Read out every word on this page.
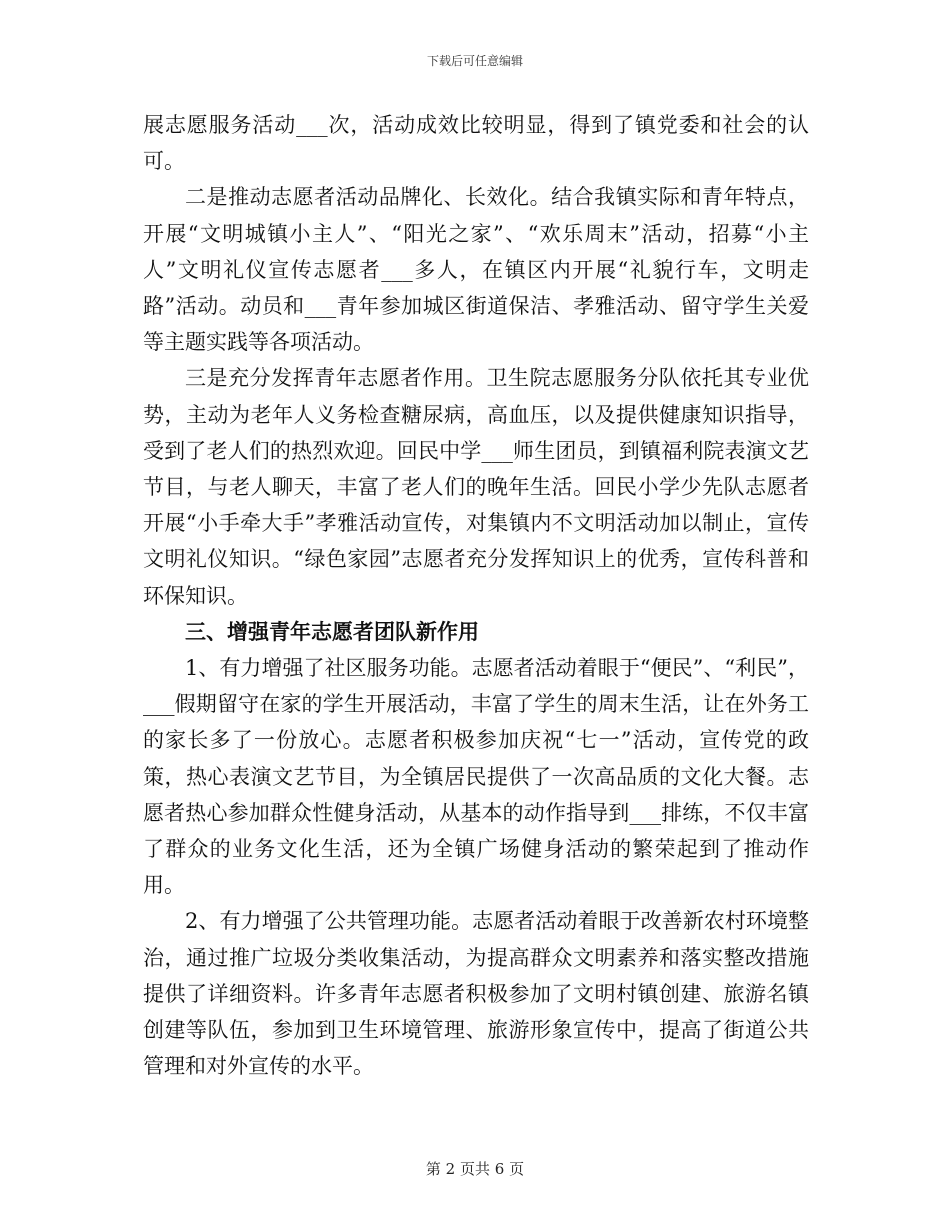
下载后可任意编辑

展志愿服务活动___次，活动成效比较明显，得到了镇党委和社会的认可。

二是推动志愿者活动品牌化、长效化。结合我镇实际和青年特点，开展“文明城镇小主人”、“阳光之家”、“欢乐周末”活动，招募“小主人”文明礼仪宣传志愿者___多人，在镇区内开展“礼貌行车，文明走路”活动。动员和___青年参加城区街道保洁、孝雅活动、留守学生关爱等主题实践等各项活动。

三是充分发挥青年志愿者作用。卫生院志愿服务分队依托其专业优势，主动为老年人义务检查糖尿病，高血压，以及提供健康知识指导，受到了老人们的热烈欢迎。回民中学___师生团员，到镇福利院表演文艺节目，与老人聊天，丰富了老人们的晚年生活。回民小学少先队志愿者开展“小手牵大手”孝雅活动宣传，对集镇内不文明活动加以制止，宣传文明礼仪知识。“绿色家园”志愿者充分发挥知识上的优秀，宣传科普和环保知识。

三、增强青年志愿者团队新作用

1、有力增强了社区服务功能。志愿者活动着眼于“便民”、“利民”，___假期留守在家的学生开展活动，丰富了学生的周末生活，让在外务工的家长多了一份放心。志愿者积极参加庆祝“七一”活动，宣传党的政策，热心表演文艺节目，为全镇居民提供了一次高品质的文化大餐。志愿者热心参加群众性健身活动，从基本的动作指导到___排练，不仅丰富了群众的业务文化生活，还为全镇广场健身活动的繁荣起到了推动作用。

2、有力增强了公共管理功能。志愿者活动着眼于改善新农村环境整治，通过推广垃圾分类收集活动，为提高群众文明素养和落实整改措施提供了详细资料。许多青年志愿者积极参加了文明村镇创建、旅游名镇创建等队伍，参加到卫生环境管理、旅游形象宣传中，提高了街道公共管理和对外宣传的水平。

第 2 页共 6 页
